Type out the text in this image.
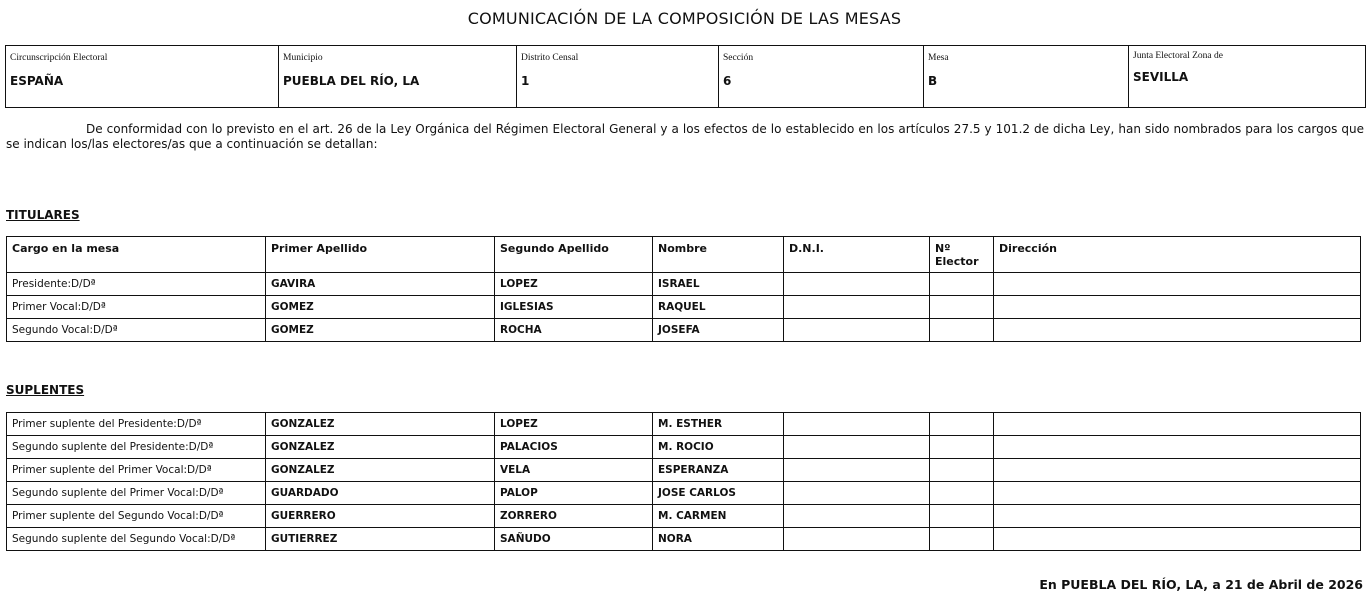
COMUNICACIÓN DE LA COMPOSICIÓN DE LAS MESAS
Circunscripción Electoral
ESPAÑA

Municipio
PUEBLA DEL RÍO, LA

Distrito Censal
1

Sección
6

Mesa
B

Junta Electoral Zona de
SEVILLA
De conformidad con lo previsto en el art. 26 de la Ley Orgánica del Régimen Electoral General y a los efectos de lo establecido en los artículos 27.5 y 101.2 de dicha Ley, han sido nombrados para los cargos que se indican los/las electores/as que a continuación se detallan:
TITULARES
Cargo en la mesa	Primer Apellido	Segundo Apellido	Nombre	D.N.I.	Nº Elector	Dirección
Presidente:D/Dª	GAVIRA	LOPEZ	ISRAEL			
Primer Vocal:D/Dª	GOMEZ	IGLESIAS	RAQUEL			
Segundo Vocal:D/Dª	GOMEZ	ROCHA	JOSEFA			
SUPLENTES
Primer suplente del Presidente:D/Dª	GONZALEZ	LOPEZ	M. ESTHER			
Segundo suplente del Presidente:D/Dª	GONZALEZ	PALACIOS	M. ROCIO			
Primer suplente del Primer Vocal:D/Dª	GONZALEZ	VELA	ESPERANZA			
Segundo suplente del Primer Vocal:D/Dª	GUARDADO	PALOP	JOSE CARLOS			
Primer suplente del Segundo Vocal:D/Dª	GUERRERO	ZORRERO	M. CARMEN			
Segundo suplente del Segundo Vocal:D/Dª	GUTIERREZ	SAÑUDO	NORA			
En PUEBLA DEL RÍO, LA, a 21 de Abril de 2026
